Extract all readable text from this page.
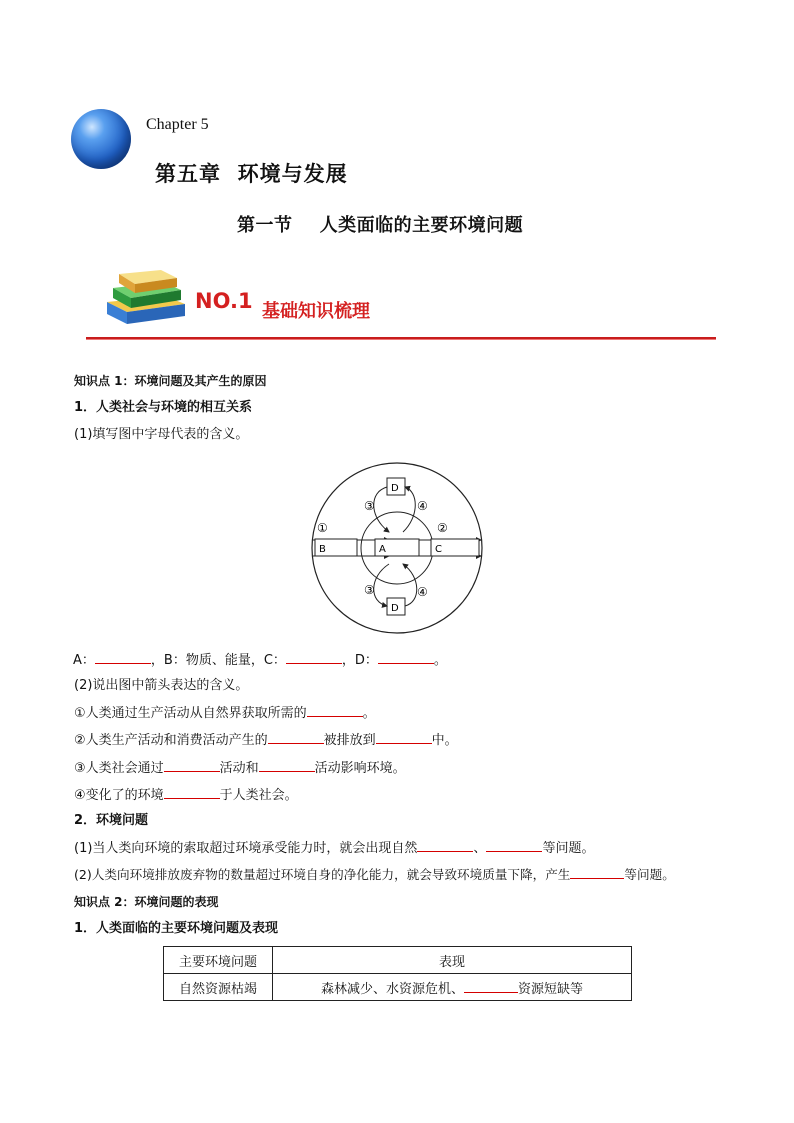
Chapter 5
第五章  环境与发展
第一节    人类面临的主要环境问题
NO.1 基础知识梳理
知识点 1：环境问题及其产生的原因
1．人类社会与环境的相互关系
(1)填写图中字母代表的含义。
B	A	C
D
D
①	②
③	④
③	④
A：	，B：物质、能量，C：	，D：	。
(2)说出图中箭头表达的含义。
①人类通过生产活动从自然界获取所需的	。
②人类生产活动和消费活动产生的	被排放到	中。
③人类社会通过	活动和	活动影响环境。
④变化了的环境	于人类社会。
2．环境问题
(1)当人类向环境的索取超过环境承受能力时，就会出现自然	、	等问题。
(2)人类向环境排放废弃物的数量超过环境自身的净化能力，就会导致环境质量下降，产生	等问题。
知识点 2：环境问题的表现
1．人类面临的主要环境问题及表现
主要环境问题	表现
自然资源枯竭	森林减少、水资源危机、 资源短缺等
